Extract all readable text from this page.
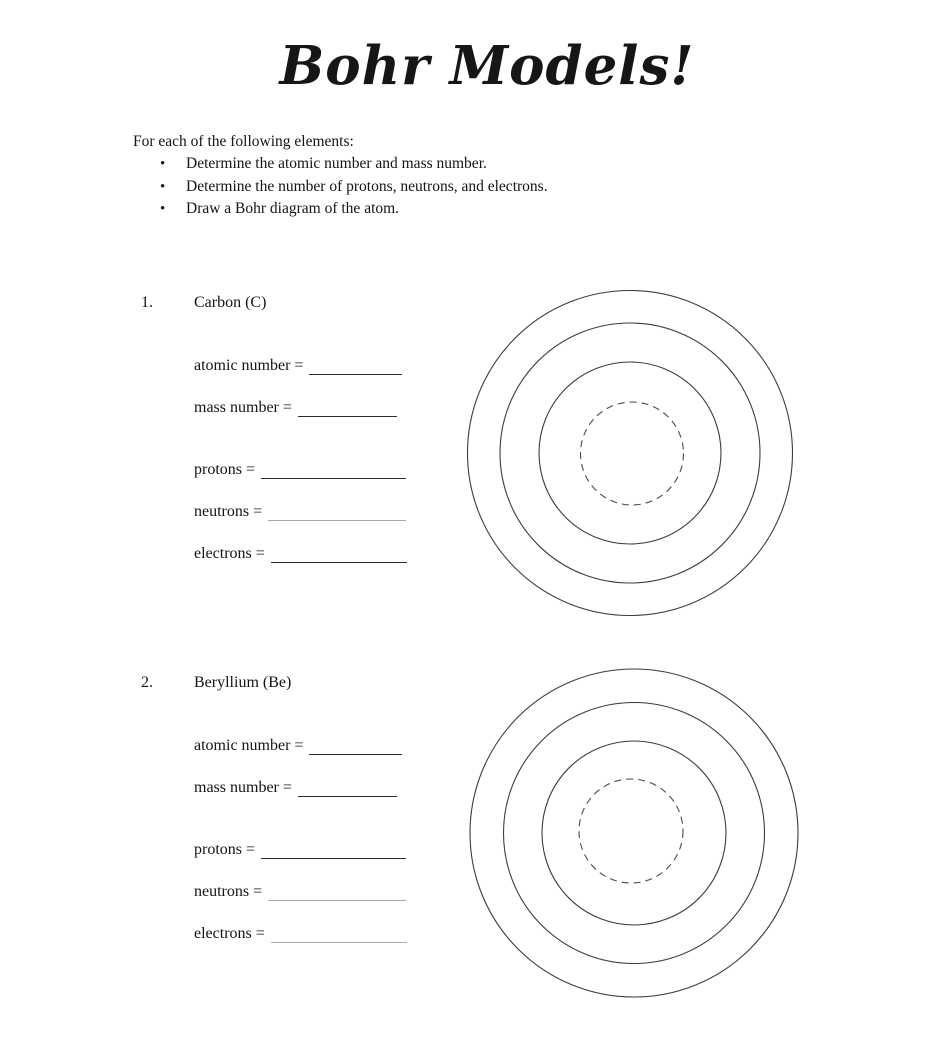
Bohr Models!
For each of the following elements:
•	Determine the atomic number and mass number.
•	Determine the number of protons, neutrons, and electrons.
•	Draw a Bohr diagram of the atom.
1.	Carbon (C)
atomic number =
mass number =
protons =
neutrons =
electrons =
2.	Beryllium (Be)
atomic number =
mass number =
protons =
neutrons =
electrons =
